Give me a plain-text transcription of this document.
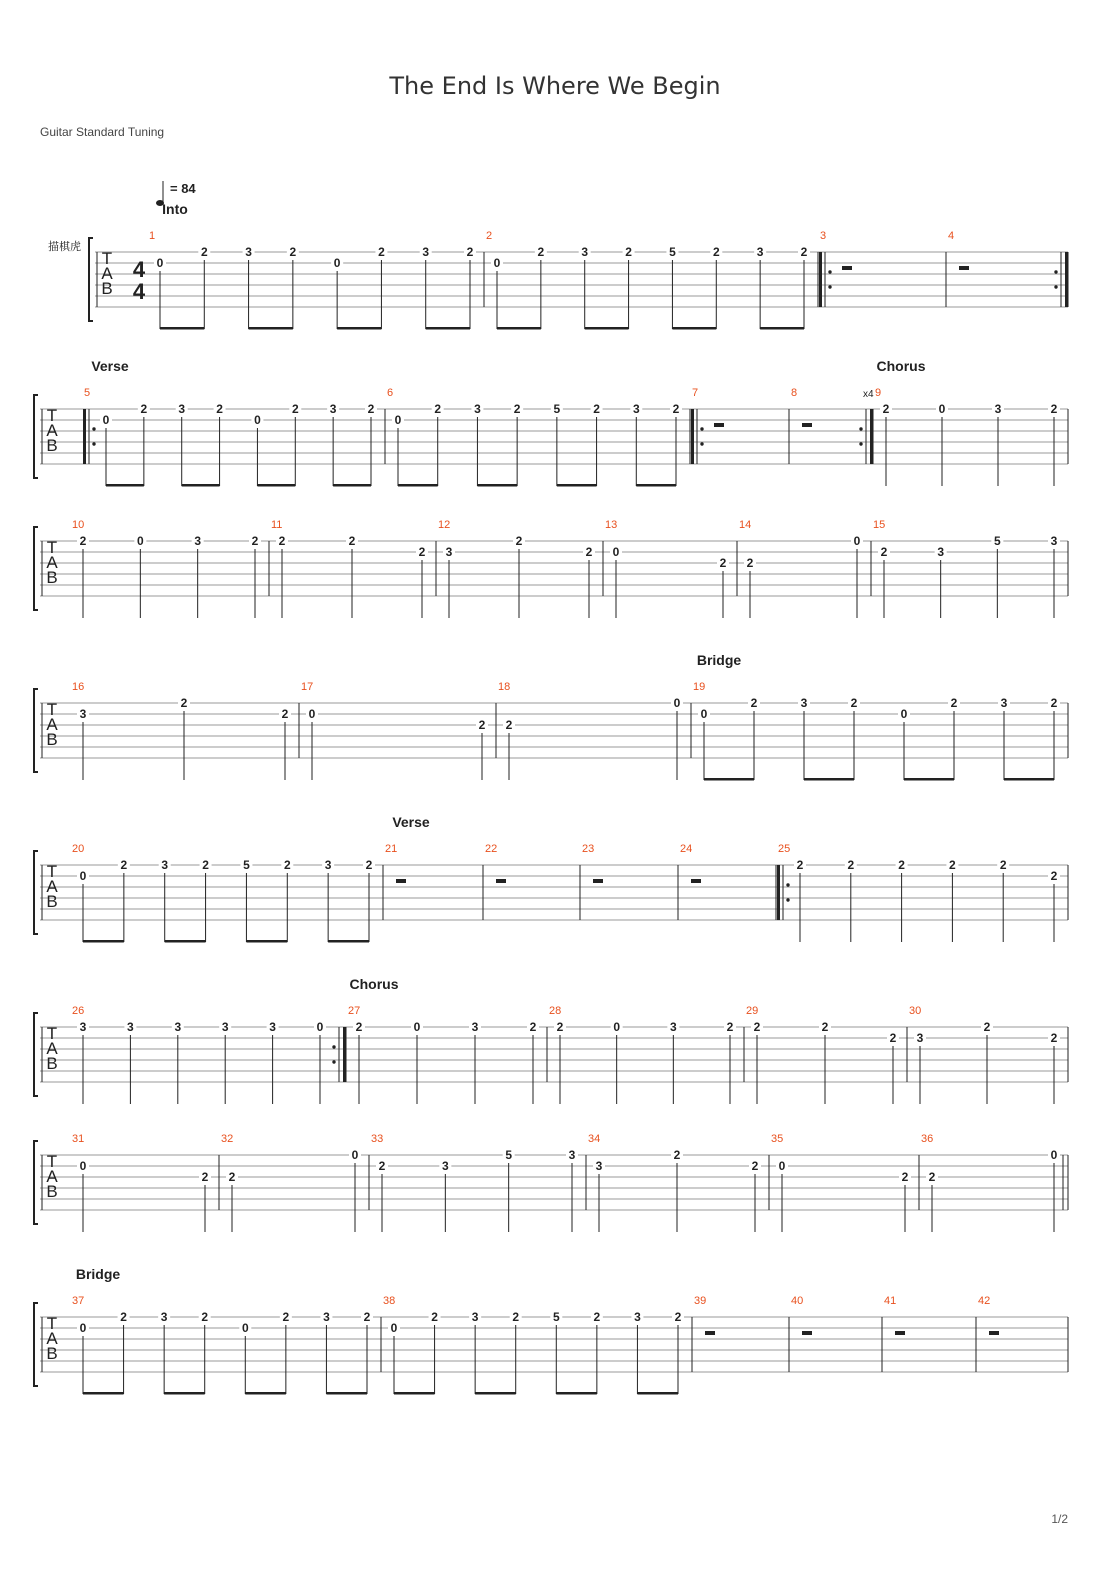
The End Is Where We Begin
Guitar Standard Tuning
1/2
T
A
B
4
4
描棋虎
= 84
1
Into
0
2	3	2
0
2	3	2
2
0
2	3	2	5	2	3	2
3	4
T
A
B
5
Verse
0
2	3	2
0
2	3	2
6
0
2	3	2	5	2	3	2
7	8	9
Chorus
x4
2	0	3	2
T
A
B
10
2	0	3	2
11
2	2
2
12
3
2
2
13
0
2
14
2
0
15
2	3
5	3
T
A
B
16
3
2
2
17
0
2
18
2
0
19
Bridge
0
2	3	2
0
2	3	2
T
A
B
20
0
2	3	2	5	2	3	2
21
Verse
22	23	24	25
2	2	2	2	2
2
T
A
B
26
3	3	3	3	3	0
27
Chorus
2	0	3	2
28
2	0	3	2
29
2	2
2
30
3
2
2
T
A
B
31
0
2
32
2
0
33
2	3
5	3
34
3
2
2
35
0
2
36
2
0
T
A
B
37
Bridge
0
2	3	2
0
2	3	2
38
0
2	3	2	5	2	3	2
39	40	41	42
